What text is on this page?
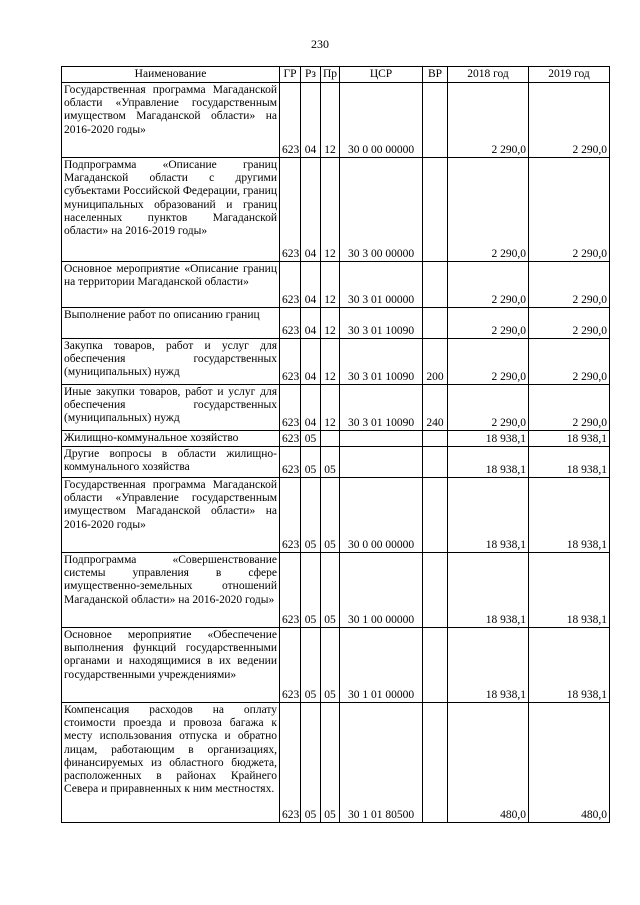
230
Наименование	ГР	Рз	Пр	ЦСР	ВР	2018 год	2019 год
Государственная программа Магаданской области «Управление государственным имуществом Магаданской области» на 2016-2020 годы»	623	04	12	30 0 00 00000		2 290,0	2 290,0
Подпрограмма «Описание границ Магаданской области с другими субъектами Российской Федерации, границ муниципальных образований и границ населенных пунктов Магаданской области» на 2016-2019 годы»	623	04	12	30 3 00 00000		2 290,0	2 290,0
Основное мероприятие «Описание границ на территории Магаданской области»	623	04	12	30 3 01 00000		2 290,0	2 290,0
Выполнение работ по описанию границ	623	04	12	30 3 01 10090		2 290,0	2 290,0
Закупка товаров, работ и услуг для обеспечения государственных (муниципальных) нужд	623	04	12	30 3 01 10090	200	2 290,0	2 290,0
Иные закупки товаров, работ и услуг для обеспечения государственных (муниципальных) нужд	623	04	12	30 3 01 10090	240	2 290,0	2 290,0
Жилищно-коммунальное хозяйство	623	05				18 938,1	18 938,1
Другие вопросы в области жилищно-коммунального хозяйства	623	05	05			18 938,1	18 938,1
Государственная программа Магаданской области «Управление государственным имуществом Магаданской области» на 2016-2020 годы»	623	05	05	30 0 00 00000		18 938,1	18 938,1
Подпрограмма «Совершенствование системы управления в сфере имущественно-земельных отношений Магаданской области» на 2016-2020 годы»	623	05	05	30 1 00 00000		18 938,1	18 938,1
Основное мероприятие «Обеспечение выполнения функций государственными органами и находящимися в их ведении государственными учреждениями»	623	05	05	30 1 01 00000		18 938,1	18 938,1
Компенсация расходов на оплату стоимости проезда и провоза багажа к месту использования отпуска и обратно лицам, работающим в организациях, финансируемых из областного бюджета, расположенных в районах Крайнего Севера и приравненных к ним местностях.	623	05	05	30 1 01 80500		480,0	480,0
